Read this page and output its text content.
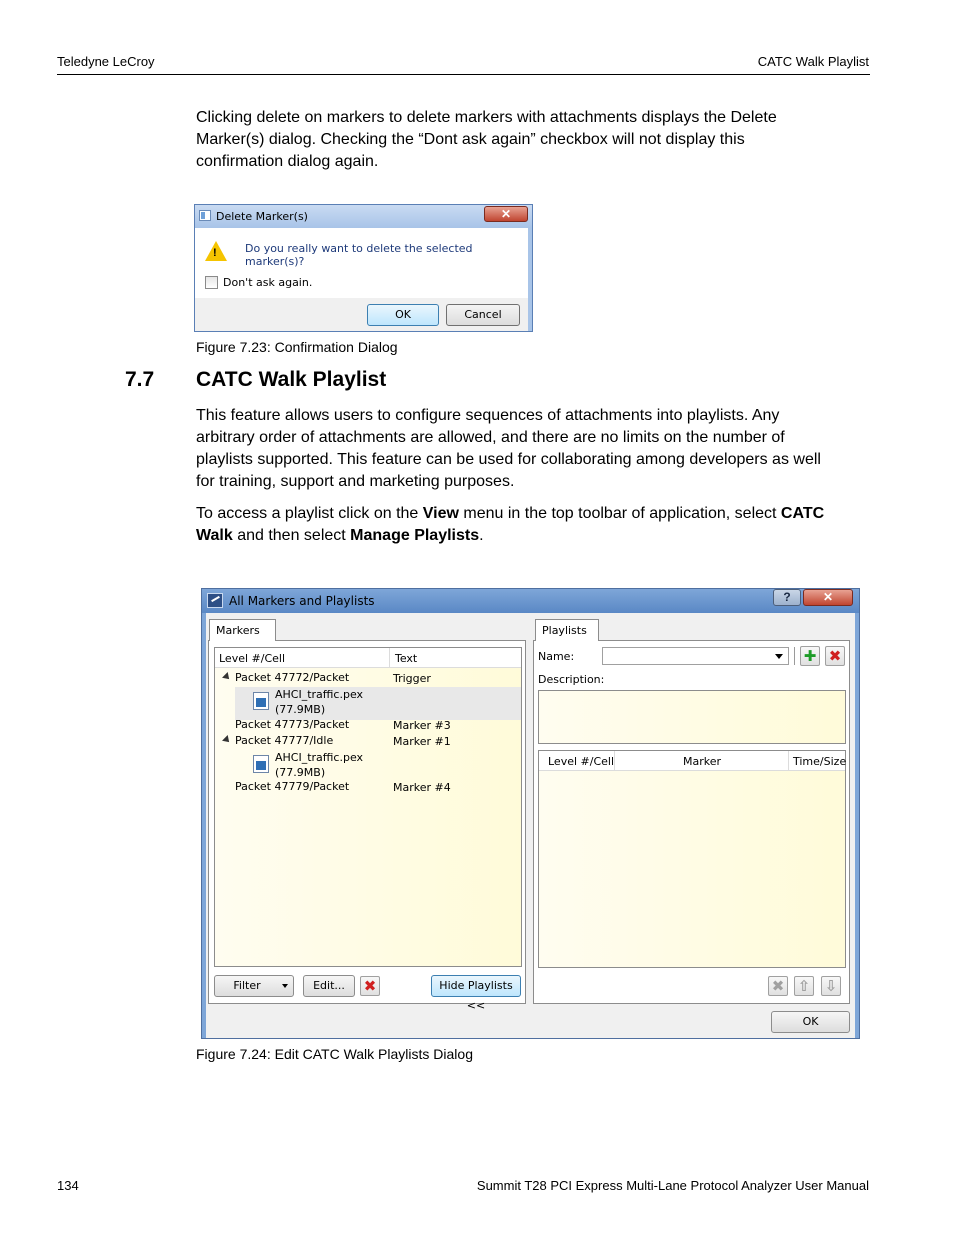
Teledyne LeCroy	CATC Walk Playlist
Clicking delete on markers to delete markers with attachments displays the Delete
Marker(s) dialog. Checking the “Dont ask again” checkbox will not display this
confirmation dialog again.
Delete Marker(s)	✕
!	Do you really want to delete the selected marker(s)?
Don't ask again.
OK	Cancel
Figure 7.23: Confirmation Dialog
7.7 CATC Walk Playlist
This feature allows users to configure sequences of attachments into playlists. Any
arbitrary order of attachments are allowed, and there are no limits on the number of
playlists supported. This feature can be used for collaborating among developers as well
for training, support and marketing purposes.
To access a playlist click on the View menu in the top toolbar of application, select CATC
Walk and then select Manage Playlists.
All Markers and Playlists	?	✕
Markers
Level #/Cell	Text
Packet 47772/Packet	Trigger
AHCI_traffic.pex
(77.9MB)
Packet 47773/Packet	Marker #3
Packet 47777/Idle	Marker #1
AHCI_traffic.pex
(77.9MB)
Packet 47779/Packet	Marker #4
Filter	Edit...	✖	Hide Playlists <<
Playlists
Name:	✚ ✖
Description:
Level #/Cell	Marker	Time/Size
✖ ⇧ ⇩
OK
Figure 7.24: Edit CATC Walk Playlists Dialog
134	Summit T28 PCI Express Multi-Lane Protocol Analyzer User Manual
